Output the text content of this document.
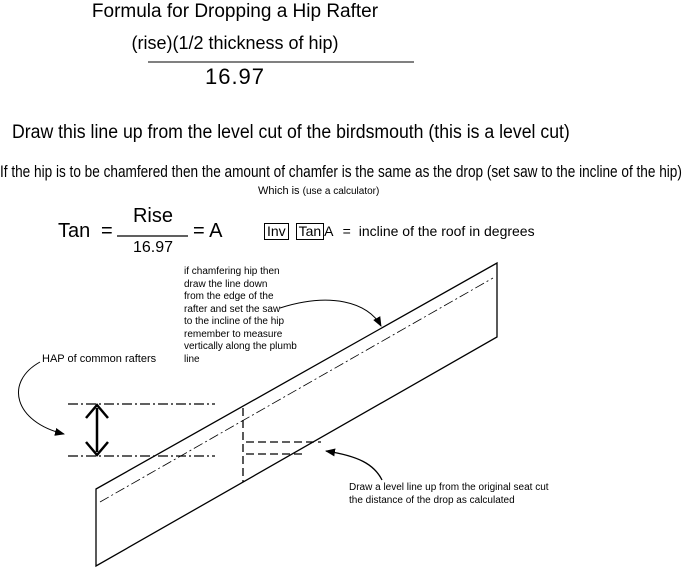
Formula for Dropping a Hip Rafter
(rise)(1/2 thickness of hip)
16.97
Draw this line up from the level cut of the birdsmouth (this is a level cut)
If the hip is to be chamfered then the amount of chamfer is the same as the drop (set saw to the incline of the hip)
Which is (use a calculator)
Tan =
Rise
16.97
= A	Inv Tan A = incline of the roof in degrees
if chamfering hip then
draw the line down
from the edge of the
rafter and set the saw
to the incline of the hip
remember to measure
vertically along the plumb
line
HAP of common rafters
Draw a level line up from the original seat cut
the distance of the drop as calculated
